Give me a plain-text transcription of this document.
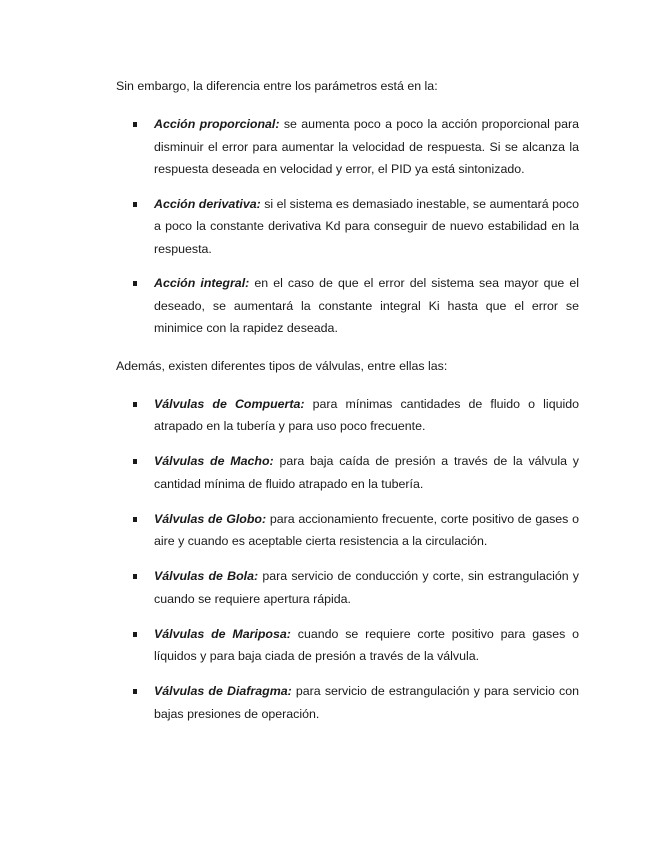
Sin embargo, la diferencia entre los parámetros está en la:

Acción proporcional: se aumenta poco a poco la acción proporcional para disminuir el error para aumentar la velocidad de respuesta. Si se alcanza la respuesta deseada en velocidad y error, el PID ya está sintonizado.
Acción derivativa: si el sistema es demasiado inestable, se aumentará poco a poco la constante derivativa Kd para conseguir de nuevo estabilidad en la respuesta.
Acción integral: en el caso de que el error del sistema sea mayor que el deseado, se aumentará la constante integral Ki hasta que el error se minimice con la rapidez deseada.

Además, existen diferentes tipos de válvulas, entre ellas las:

Válvulas de Compuerta: para mínimas cantidades de fluido o liquido atrapado en la tubería y para uso poco frecuente.
Válvulas de Macho: para baja caída de presión a través de la válvula y cantidad mínima de fluido atrapado en la tubería.
Válvulas de Globo: para accionamiento frecuente, corte positivo de gases o aire y cuando es aceptable cierta resistencia a la circulación.
Válvulas de Bola: para servicio de conducción y corte, sin estrangulación y cuando se requiere apertura rápida.
Válvulas de Mariposa: cuando se requiere corte positivo para gases o líquidos y para baja ciada de presión a través de la válvula.
Válvulas de Diafragma: para servicio de estrangulación y para servicio con bajas presiones de operación.
